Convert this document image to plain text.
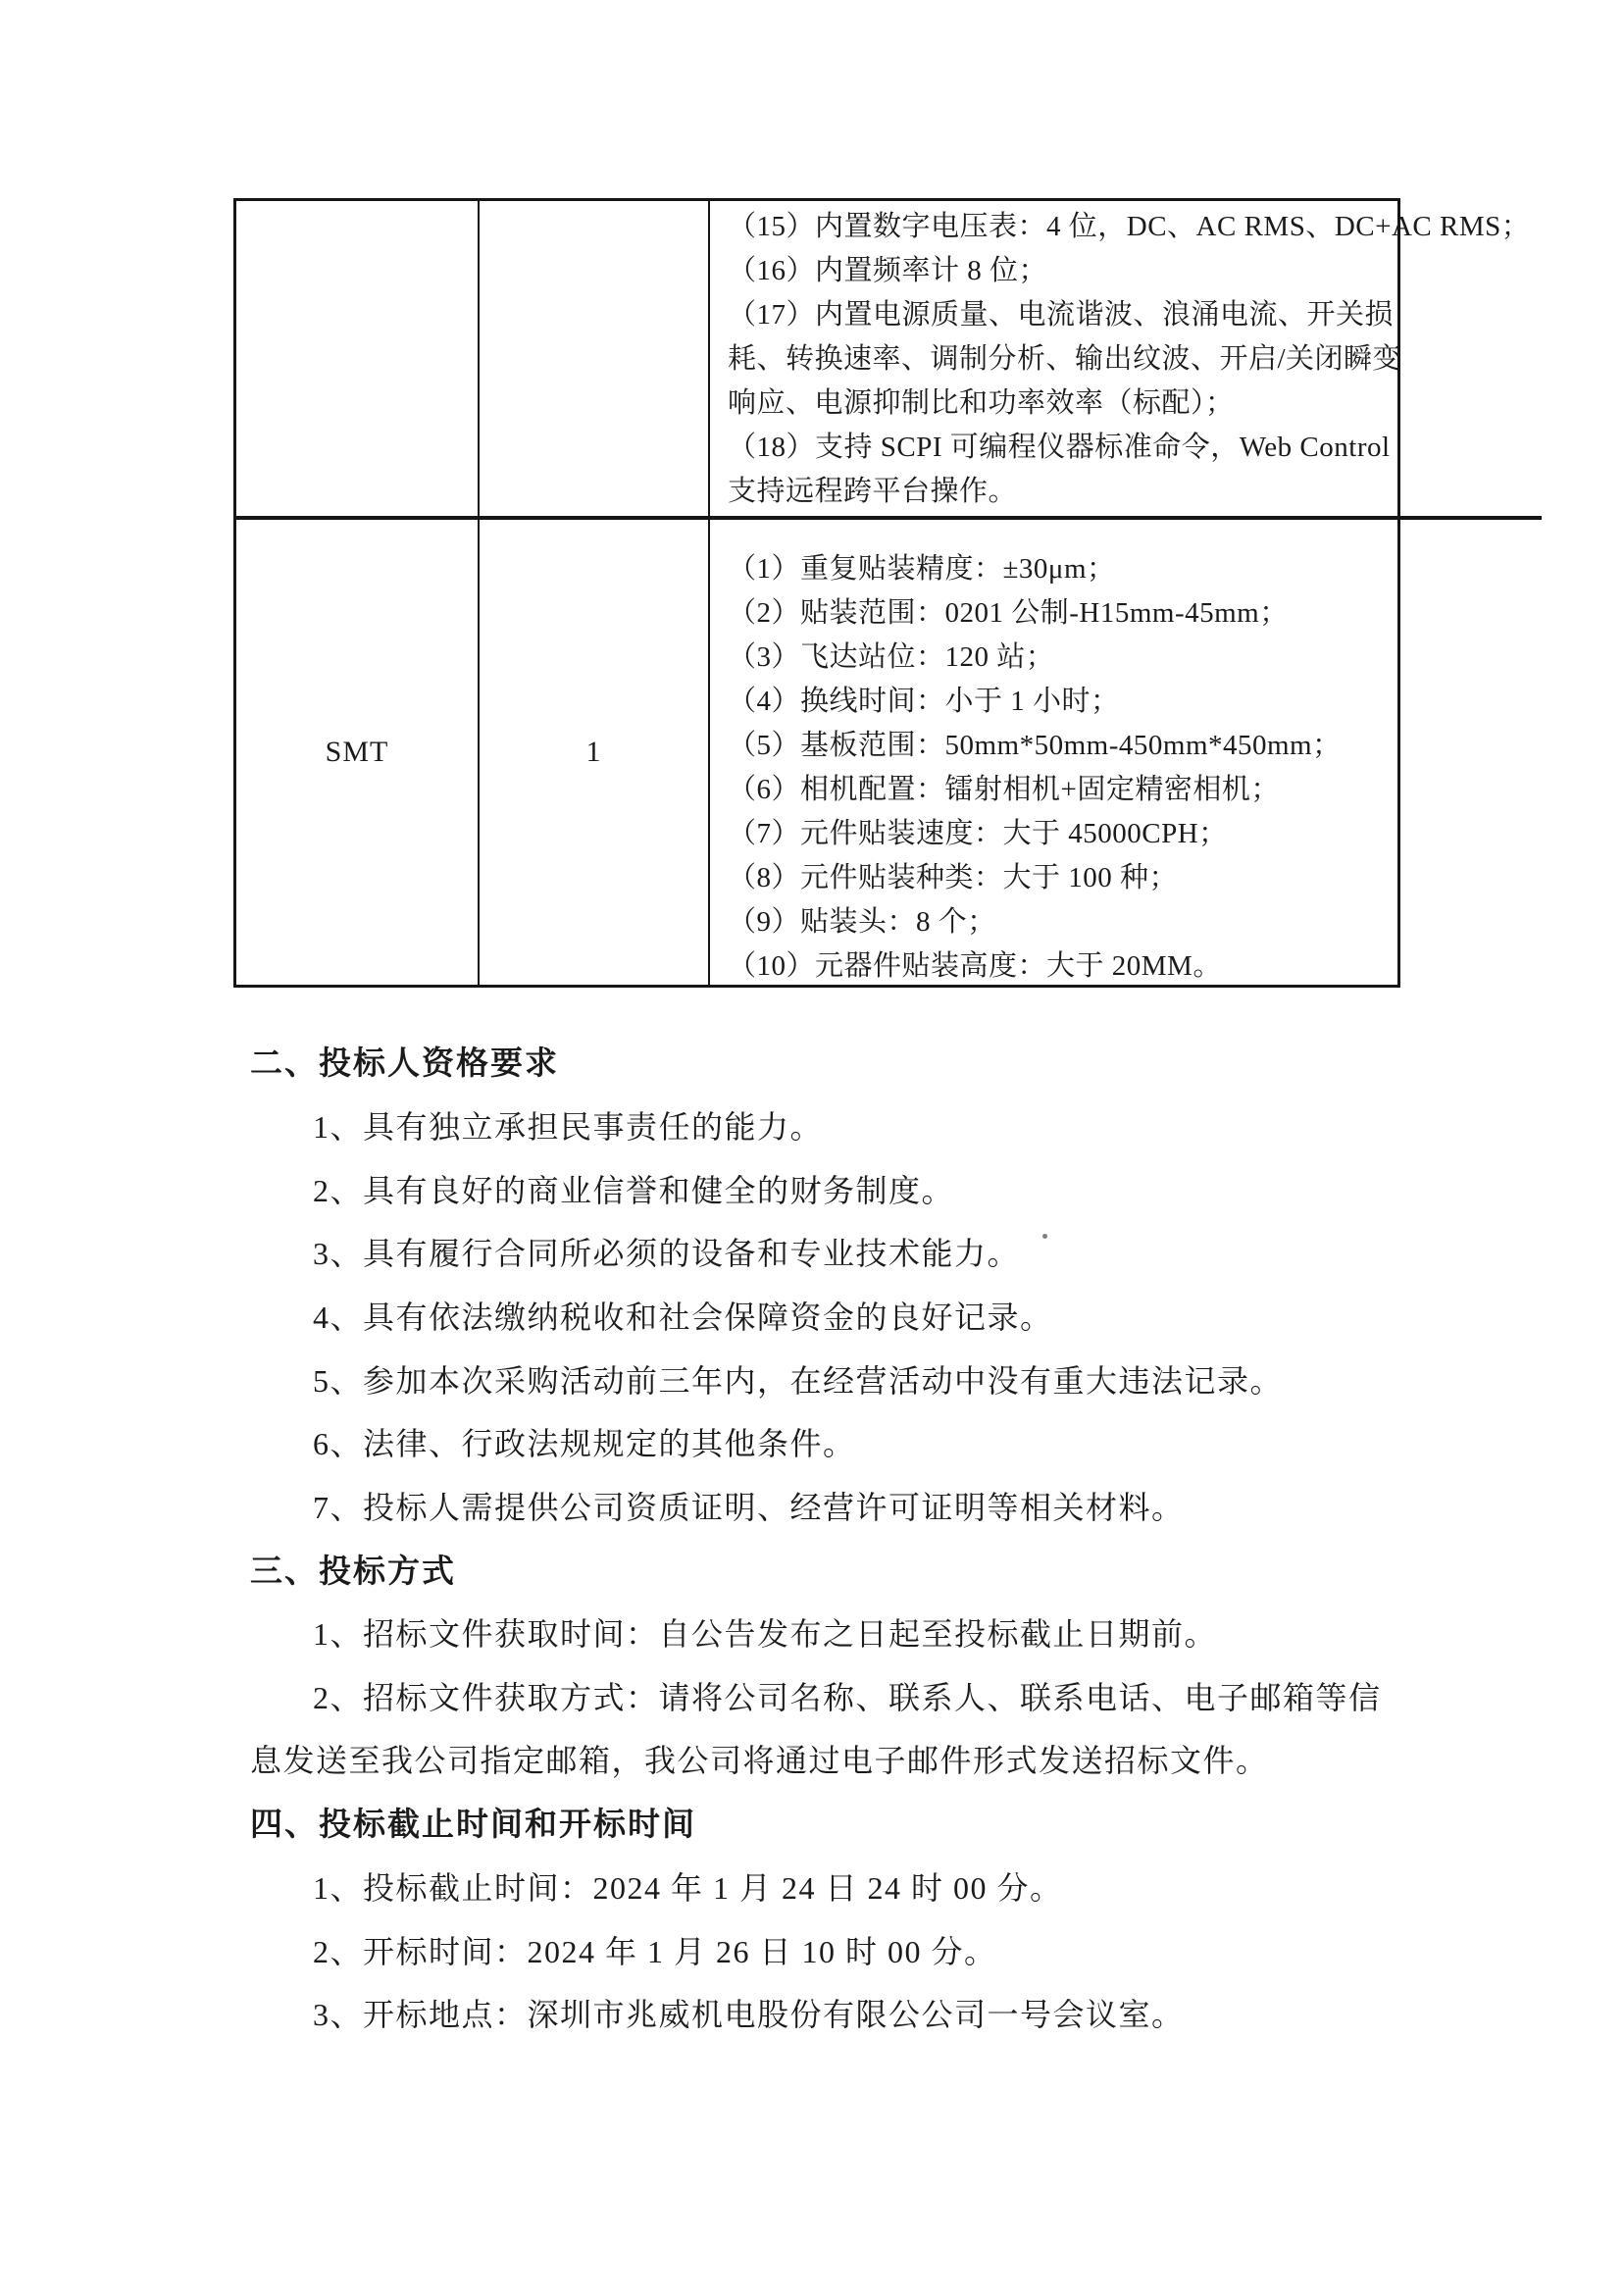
（15）内置数字电压表：4 位，DC、AC RMS、DC+AC RMS；
（16）内置频率计 8 位；
（17）内置电源质量、电流谐波、浪涌电流、开关损
耗、转换速率、调制分析、输出纹波、开启/关闭瞬变
响应、电源抑制比和功率效率（标配）；
（18）支持 SCPI 可编程仪器标准命令，Web Control
支持远程跨平台操作。
SMT	1
（1）重复贴装精度：±30μm；
（2）贴装范围：0201 公制-H15mm-45mm；
（3）飞达站位：120 站；
（4）换线时间：小于 1 小时；
（5）基板范围：50mm*50mm-450mm*450mm；
（6）相机配置：镭射相机+固定精密相机；
（7）元件贴装速度：大于 45000CPH；
（8）元件贴装种类：大于 100 种；
（9）贴装头：8 个；
（10）元器件贴装高度：大于 20MM。
二、投标人资格要求
1、具有独立承担民事责任的能力。
2、具有良好的商业信誉和健全的财务制度。
3、具有履行合同所必须的设备和专业技术能力。
4、具有依法缴纳税收和社会保障资金的良好记录。
5、参加本次采购活动前三年内，在经营活动中没有重大违法记录。
6、法律、行政法规规定的其他条件。
7、投标人需提供公司资质证明、经营许可证明等相关材料。
三、投标方式
1、招标文件获取时间：自公告发布之日起至投标截止日期前。
2、招标文件获取方式：请将公司名称、联系人、联系电话、电子邮箱等信
息发送至我公司指定邮箱，我公司将通过电子邮件形式发送招标文件。
四、投标截止时间和开标时间
1、投标截止时间：2024 年 1 月 24 日 24 时 00 分。
2、开标时间：2024 年 1 月 26 日 10 时 00 分。
3、开标地点：深圳市兆威机电股份有限公公司一号会议室。
